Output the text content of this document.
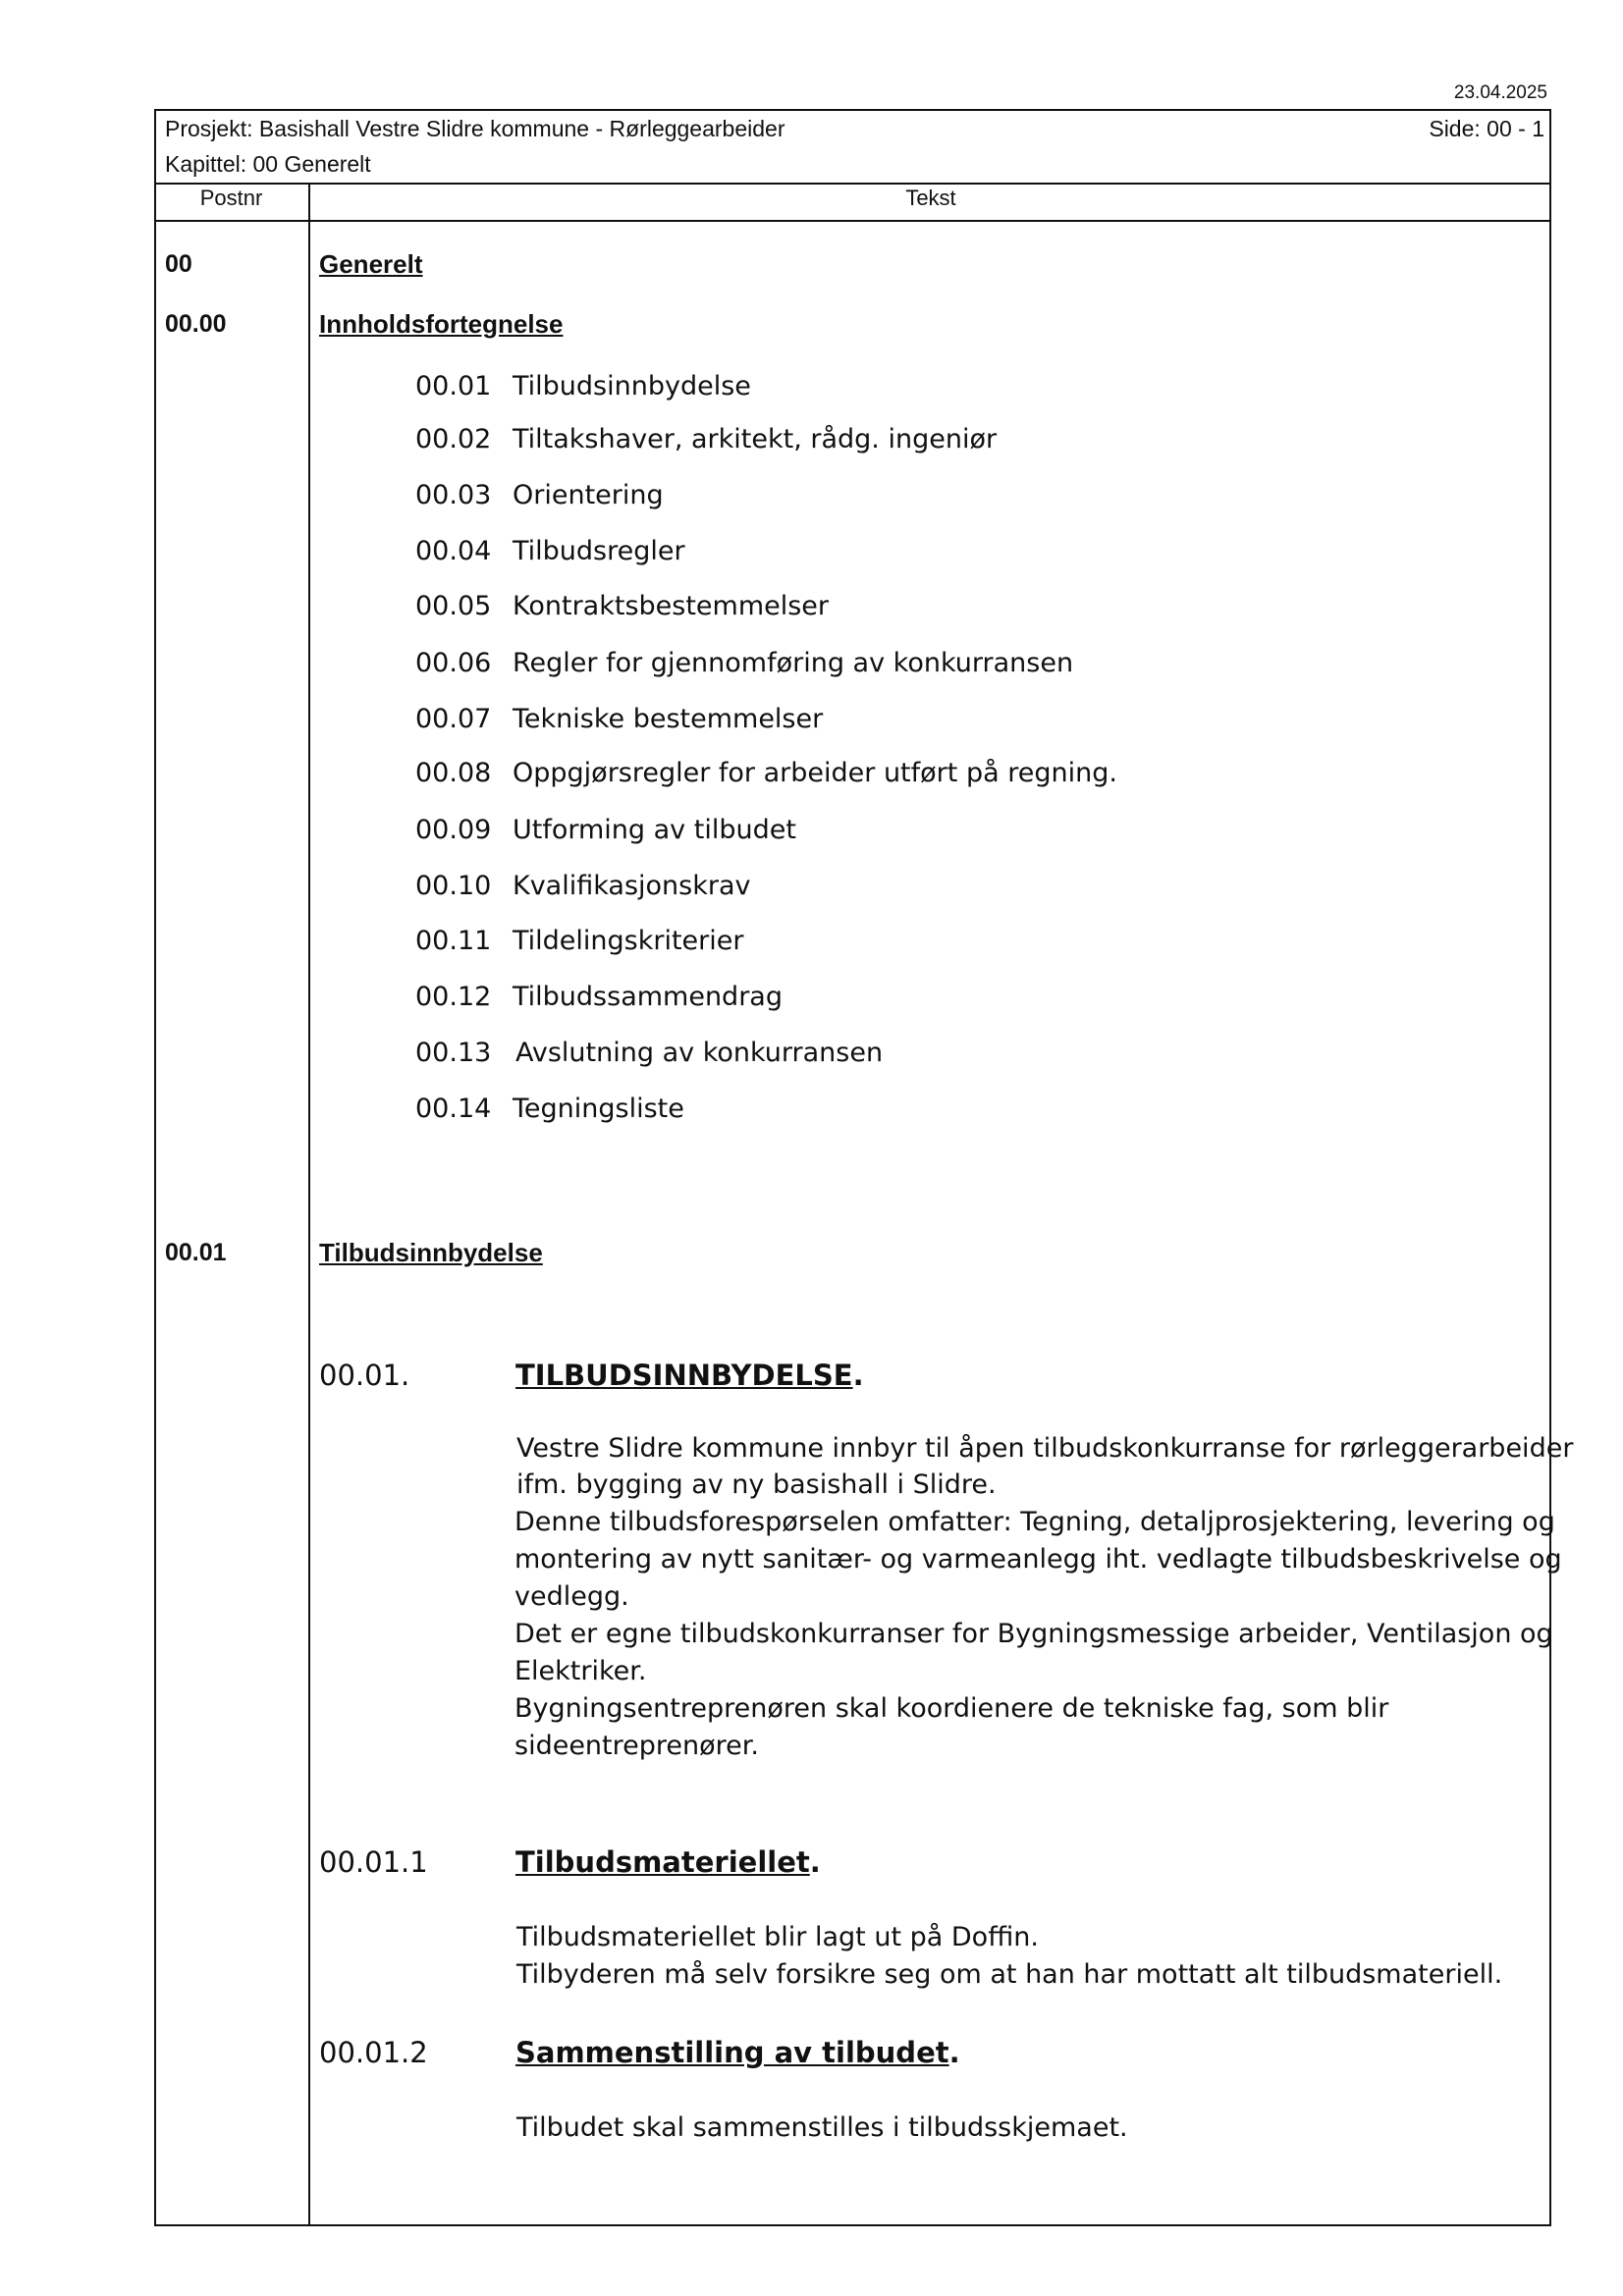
23.04.2025
Prosjekt: Basishall Vestre Slidre kommune - Rørleggearbeider	Side: 00 - 1
Kapittel: 00 Generelt
Postnr	Tekst
00	Generelt
00.00	Innholdsfortegnelse
00.01 Tilbudsinnbydelse
00.02 Tiltakshaver, arkitekt, rådg. ingeniør
00.03 Orientering
00.04 Tilbudsregler
00.05 Kontraktsbestemmelser
00.06 Regler for gjennomføring av konkurransen
00.07 Tekniske bestemmelser
00.08 Oppgjørsregler for arbeider utført på regning.
00.09 Utforming av tilbudet
00.10 Kvalifikasjonskrav
00.11 Tildelingskriterier
00.12 Tilbudssammendrag
00.13 Avslutning av konkurransen
00.14 Tegningsliste
00.01	Tilbudsinnbydelse
00.01.	TILBUDSINNBYDELSE.
Vestre Slidre kommune innbyr til åpen tilbudskonkurranse for rørleggerarbeider
ifm. bygging av ny basishall i Slidre.
Denne tilbudsforespørselen omfatter: Tegning, detaljprosjektering, levering og
montering av nytt sanitær- og varmeanlegg iht. vedlagte tilbudsbeskrivelse og
vedlegg.
Det er egne tilbudskonkurranser for Bygningsmessige arbeider, Ventilasjon og
Elektriker.
Bygningsentreprenøren skal koordienere de tekniske fag, som blir
sideentreprenører.
00.01.1	Tilbudsmateriellet.
Tilbudsmateriellet blir lagt ut på Doffin.
Tilbyderen må selv forsikre seg om at han har mottatt alt tilbudsmateriell.
00.01.2	Sammenstilling av tilbudet.
Tilbudet skal sammenstilles i tilbudsskjemaet.
